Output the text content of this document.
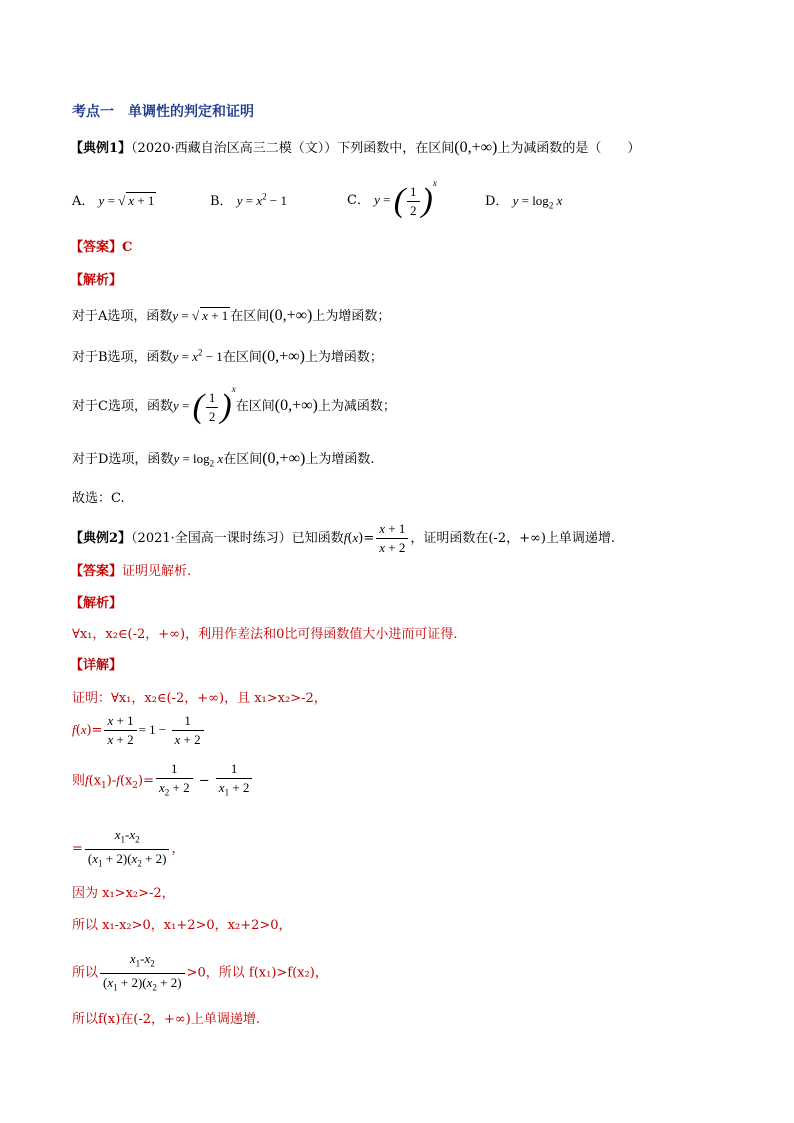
考点一　单调性的判定和证明
【典例1】（2020·西藏自治区高三二模（文））下列函数中，在区间(0,+∞)上为减函数的是（　　）
A． y = √ x + 1	B． $y = x^2 - 1$	C． y = ( $\frac{1}{2} )^x$
D． $y = \log_2 x$
【答案】C
【解析】
对于A选项，函数y = √ x + 1 在区间(0,+∞)上为增函数；
对于B选项，函数$y = x^2 - 1$在区间(0,+∞)上为增函数；
对于C选项，函数y = ( $\frac{1}{2} )^x$在区间(0,+∞)上为减函数；
对于D选项，函数$y = \log_2 x$在区间(0,+∞)上为增函数.
故选：C.
【典例2】（2021·全国高一课时练习）已知函数$f(x)= \frac{x + 1}{x + 2}$ ，证明函数在(-2，+∞)上单调递增.
【答案】证明见解析.
【解析】
∀x₁，x₂∈(-2，+∞)，利用作差法和0比可得函数值大小进而可证得.
【详解】
证明：∀x₁，x₂∈(-2，+∞)，且 x₁>x₂>-2，
$f(x)= \frac{x + 1}{x + 2} = 1 - \frac{1}{x + 2}$
则$f(x_1)-f(x_2)= \frac{1}{x_2 + 2} - \frac{1}{x_1 + 2}$
= $\frac{x_1-x_2}{(x_1 + 2)(x_2 + 2)}$ ，
因为 x₁>x₂>-2，
所以 x₁-x₂>0，x₁+2>0，x₂+2>0，
所以 $\frac{x_1-x_2}{(x_1 + 2)(x_2 + 2)} >0$，所以 f(x₁)>f(x₂)，
所以f(x)在(-2，+∞)上单调递增.
